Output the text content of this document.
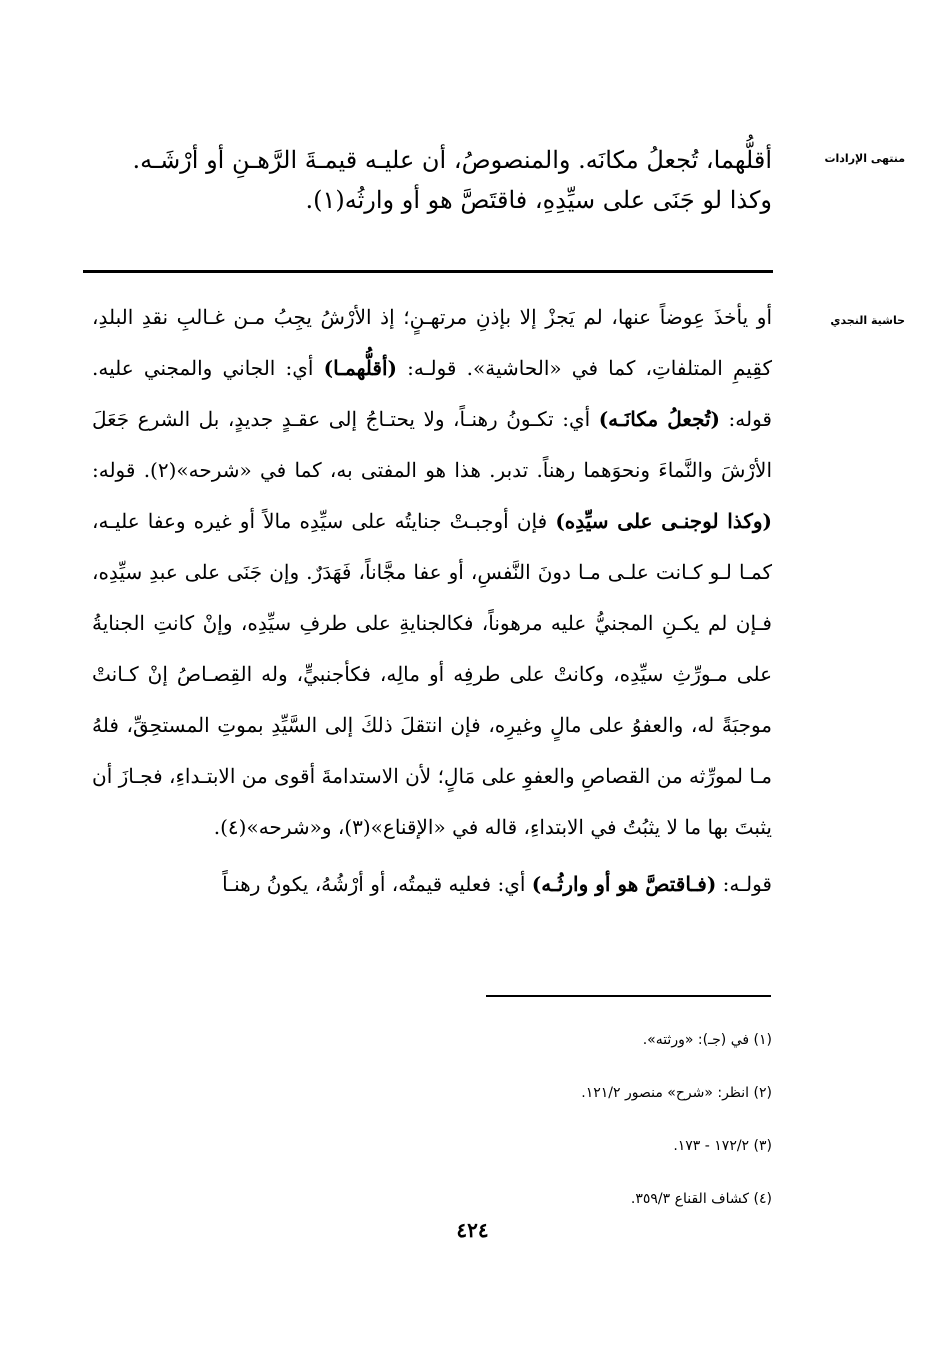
منتهى الإرادات

أقلُّهما، تُجعلُ مكانَه. والمنصوصُ، أن عليـه قيمـةَ الرَّهـنِ أو أرْشَـه.

وكذا لو جَنَى على سيِّدِهِ، فاقتَصَّ هو أو وارثُه(١).

حاشية النجدي

أو يأخذَ عِوضاً عنها، لم يَجزْ إلا بإذنِ مرتهـنٍ؛ إذ الأرْشُ يجِبُ مـن غـالبِ نقدِ البلدِ، كقِيمِ المتلفاتِ، كما في «الحاشية». قولـه: (أقلُّهمـا) أي: الجاني والمجني عليه. قوله: (تُجعلُ مكانَـه) أي: تكـونُ رهنـاً، ولا يحتـاجُ إلى عقـدٍ جديدٍ، بل الشرع جَعَلَ الأرْشَ والنَّماءَ ونحوَهما رهناً. تدبر. هذا هو المفتى به، كما في «شرحه»(٢). قوله: (وكذا لوجنـى على سيِّدِه) فإن أوجبـتْ جنايتُه على سيِّدِه مالاً أو غيره وعفا عليـه، كمـا لـو كـانت علـى مـا دونَ النَّفسِ، أو عفا مجَّاناً، فَهَدَرٌ. وإن جَنَى على عبدِ سيِّدِه، فـإن لم يكـنِ المجنيُّ عليه مرهوناً، فكالجنايةِ على طرفِ سيِّدِه، وإنْ كانتِ الجنايةُ على مـورِّثِ سيِّدِه، وكانتْ على طرفِه أو مالِه، فكأجنبيٍّ، وله القِصـاصُ إنْ كـانتْ موجبَةً له، والعفوُ على مالٍ وغيرِه، فإن انتقلَ ذلكَ إلى السَّيِّدِ بموتِ المستحِقِّ، فلهُ مـا لمورِّثه من القصاصِ والعفوِ على مَالٍ؛ لأن الاستدامةَ أقوى من الابتـداءِ، فجـازَ أن يثبتَ بها ما لا يثبُتُ في الابتداءِ، قاله في «الإقناع»(٣)، و«شرحه»(٤).

قولـه: (فـاقتصَّ هو أو وارثُـه) أي: فعليه قيمتُه، أو أرْشُهُ، يكونُ رهنـاً

(١) في (جـ): «ورثته».

(٢) انظر: «شرح» منصور ١٢١/٢.

(٣) ١٧٢/٢ - ١٧٣.

(٤) كشاف القناع ٣٥٩/٣.

٤٢٤
